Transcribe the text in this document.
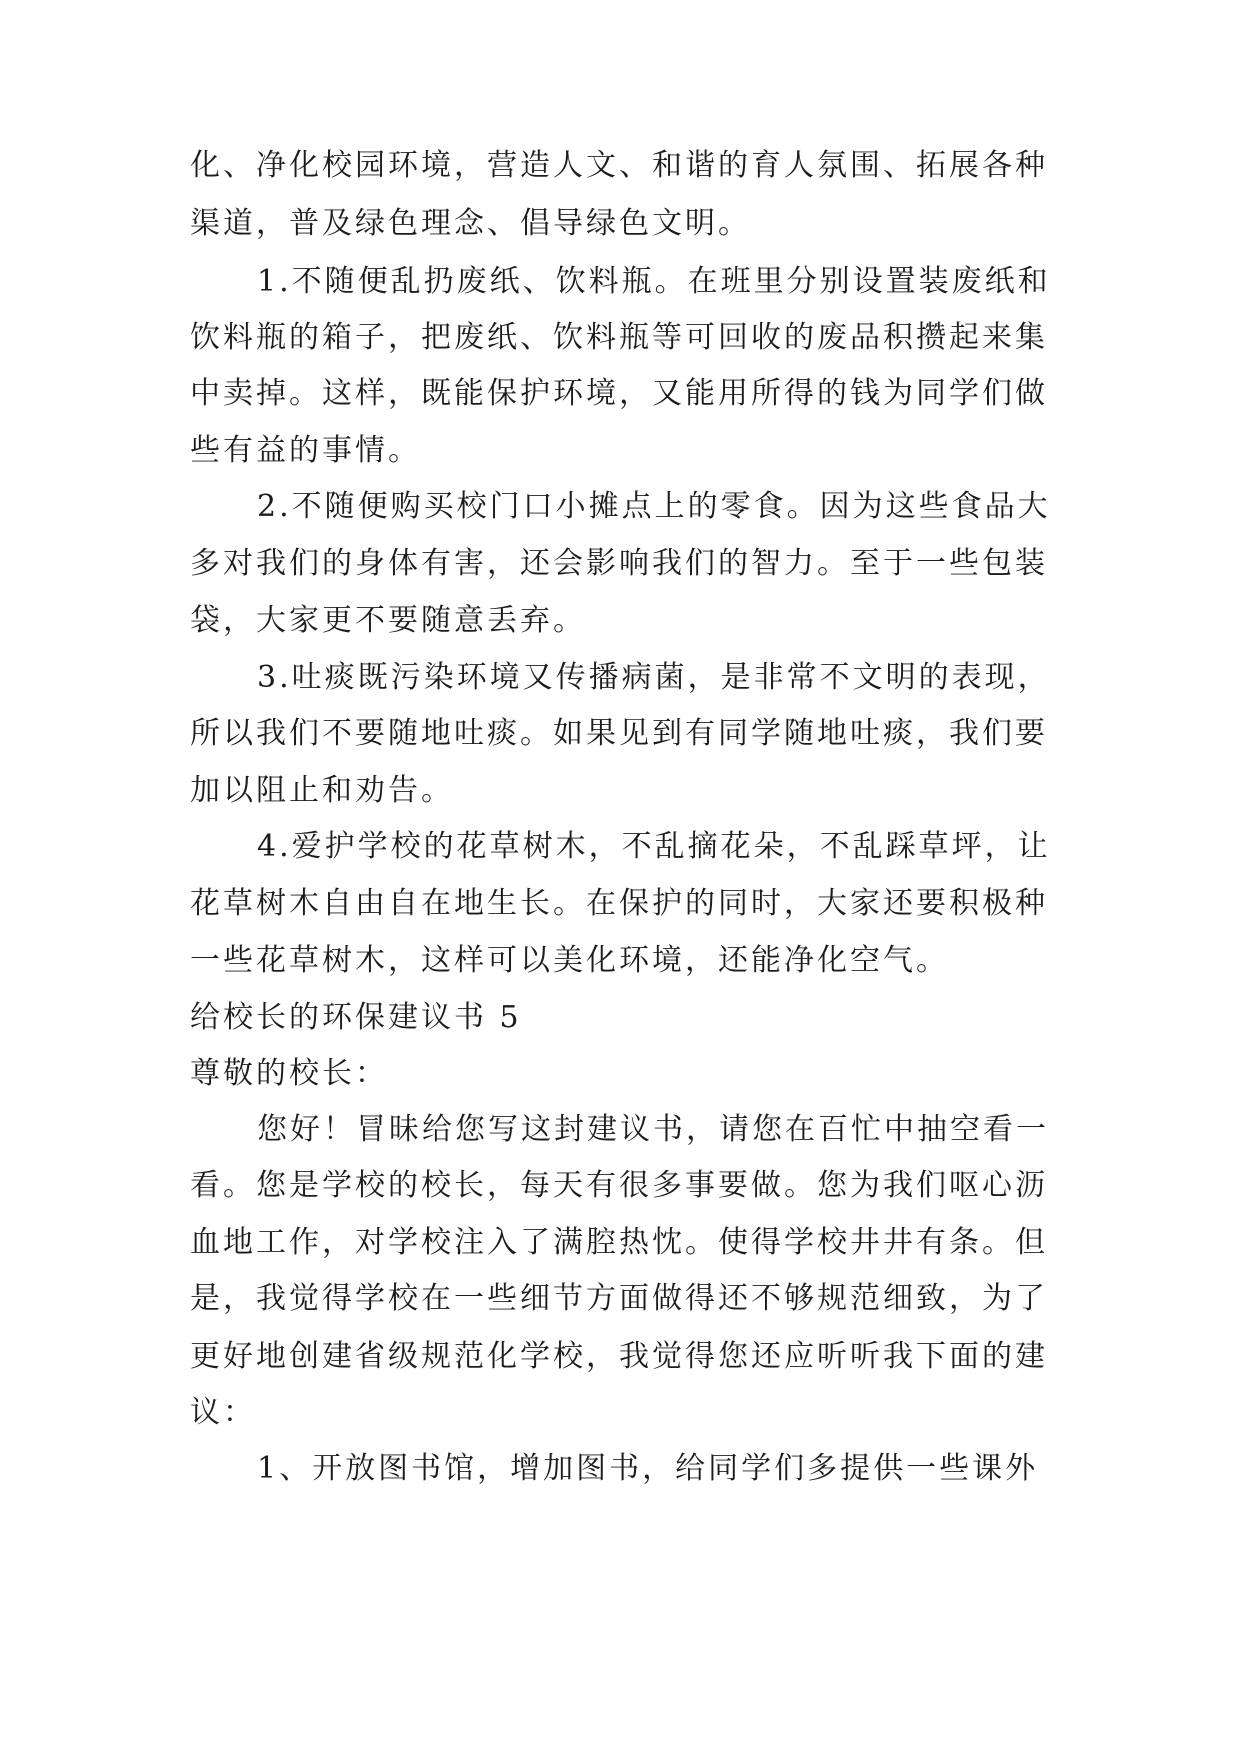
化、净化校园环境，营造人文、和谐的育人氛围、拓展各种
渠道，普及绿色理念、倡导绿色文明。
1.不随便乱扔废纸、饮料瓶。在班里分别设置装废纸和
饮料瓶的箱子，把废纸、饮料瓶等可回收的废品积攒起来集
中卖掉。这样，既能保护环境，又能用所得的钱为同学们做
些有益的事情。
2.不随便购买校门口小摊点上的零食。因为这些食品大
多对我们的身体有害，还会影响我们的智力。至于一些包装
袋，大家更不要随意丢弃。
3.吐痰既污染环境又传播病菌，是非常不文明的表现，
所以我们不要随地吐痰。如果见到有同学随地吐痰，我们要
加以阻止和劝告。
4.爱护学校的花草树木，不乱摘花朵，不乱踩草坪，让
花草树木自由自在地生长。在保护的同时，大家还要积极种
一些花草树木，这样可以美化环境，还能净化空气。
给校长的环保建议书 5
尊敬的校长：
您好！冒昧给您写这封建议书，请您在百忙中抽空看一
看。您是学校的校长，每天有很多事要做。您为我们呕心沥
血地工作，对学校注入了满腔热忱。使得学校井井有条。但
是，我觉得学校在一些细节方面做得还不够规范细致，为了
更好地创建省级规范化学校，我觉得您还应听听我下面的建
议：
1、开放图书馆，增加图书，给同学们多提供一些课外
